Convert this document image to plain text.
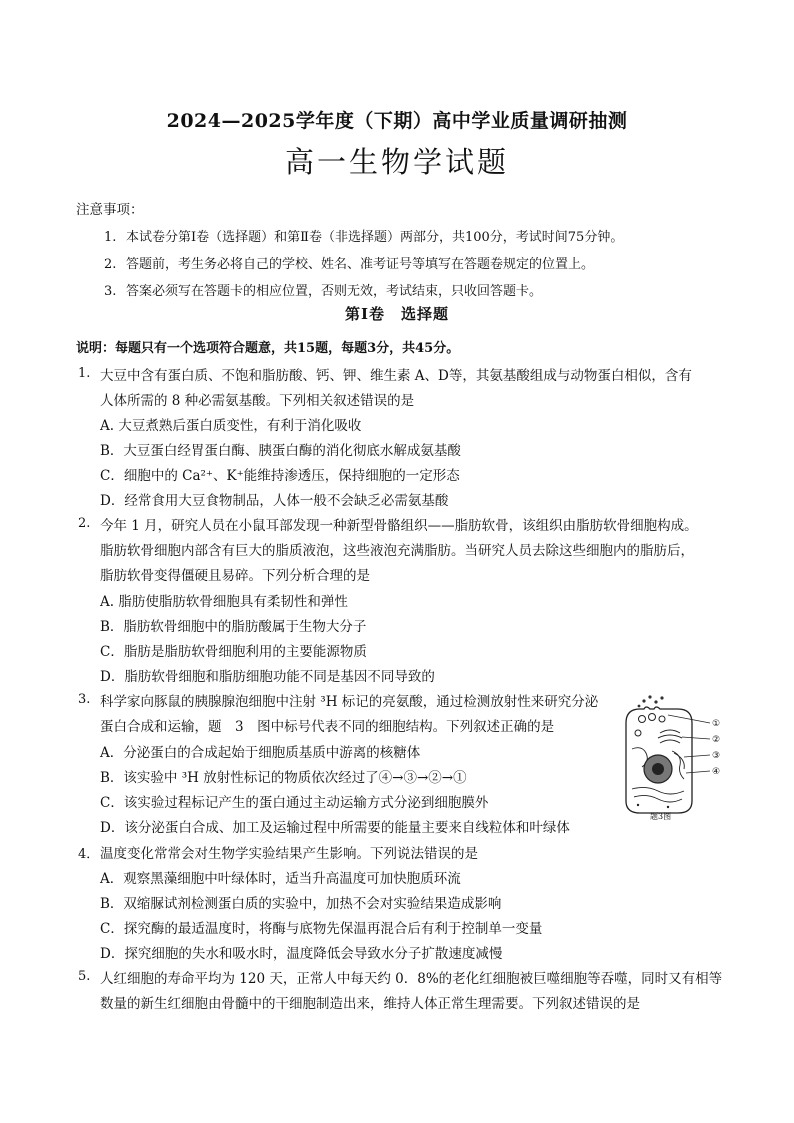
2024—2025学年度（下期）高中学业质量调研抽测
高一生物学试题
注意事项：
1. 本试卷分第Ⅰ卷（选择题）和第Ⅱ卷（非选择题）两部分，共100分，考试时间75分钟。
2. 答题前，考生务必将自己的学校、姓名、准考证号等填写在答题卷规定的位置上。
3. 答案必须写在答题卡的相应位置，否则无效，考试结束，只收回答题卡。
第Ⅰ卷　选择题
说明：每题只有一个选项符合题意，共15题，每题3分，共45分。
1. 大豆中含有蛋白质、不饱和脂肪酸、钙、钾、维生素 A、D等，其氨基酸组成与动物蛋白相似，含有
人体所需的 8 种必需氨基酸。下列相关叙述错误的是
A. 大豆煮熟后蛋白质变性，有利于消化吸收
B．大豆蛋白经胃蛋白酶、胰蛋白酶的消化彻底水解成氨基酸
C．细胞中的 Ca²⁺、K⁺能维持渗透压，保持细胞的一定形态
D．经常食用大豆食物制品，人体一般不会缺乏必需氨基酸
2. 今年 1 月，研究人员在小鼠耳部发现一种新型骨骼组织——脂肪软骨，该组织由脂肪软骨细胞构成。
脂肪软骨细胞内部含有巨大的脂质液泡，这些液泡充满脂肪。当研究人员去除这些细胞内的脂肪后，
脂肪软骨变得僵硬且易碎。下列分析合理的是
A. 脂肪使脂肪软骨细胞具有柔韧性和弹性
B．脂肪软骨细胞中的脂肪酸属于生物大分子
C．脂肪是脂肪软骨细胞利用的主要能源物质
D．脂肪软骨细胞和脂肪细胞功能不同是基因不同导致的
3. 科学家向豚鼠的胰腺腺泡细胞中注射 ³H 标记的亮氨酸，通过检测放射性来研究分泌
蛋白合成和运输，题　3　图中标号代表不同的细胞结构。下列叙述正确的是
A．分泌蛋白的合成起始于细胞质基质中游离的核糖体
B．该实验中 ³H 放射性标记的物质依次经过了④→③→②→①
C．该实验过程标记产生的蛋白通过主动运输方式分泌到细胞膜外
D．该分泌蛋白合成、加工及运输过程中所需要的能量主要来自线粒体和叶绿体
①
②
③
④
题3图
4． 温度变化常常会对生物学实验结果产生影响。下列说法错误的是
A．观察黑藻细胞中叶绿体时，适当升高温度可加快胞质环流
B．双缩脲试剂检测蛋白质的实验中，加热不会对实验结果造成影响
C．探究酶的最适温度时，将酶与底物先保温再混合后有利于控制单一变量
D．探究细胞的失水和吸水时，温度降低会导致水分子扩散速度减慢
5. 人红细胞的寿命平均为 120 天，正常人中每天约 0．8%的老化红细胞被巨噬细胞等吞噬，同时又有相等
数量的新生红细胞由骨髓中的干细胞制造出来，维持人体正常生理需要。下列叙述错误的是
